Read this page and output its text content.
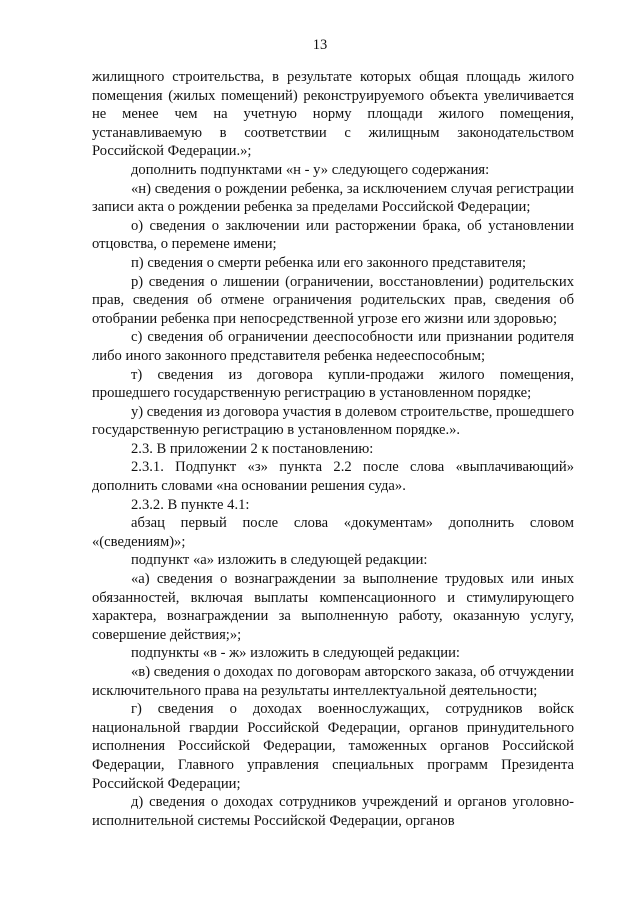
13

жилищного строительства, в результате которых общая площадь жилого помещения (жилых помещений) реконструируемого объекта увеличивается не менее чем на учетную норму площади жилого помещения, устанавливаемую в соответствии с жилищным законодательством Российской Федерации.»;

дополнить подпунктами «н - у» следующего содержания:

«н) сведения о рождении ребенка, за исключением случая регистрации записи акта о рождении ребенка за пределами Российской Федерации;

о) сведения о заключении или расторжении брака, об установлении отцовства, о перемене имени;

п) сведения о смерти ребенка или его законного представителя;

р) сведения о лишении (ограничении, восстановлении) родительских прав, сведения об отмене ограничения родительских прав, сведения об отобрании ребенка при непосредственной угрозе его жизни или здоровью;

с) сведения об ограничении дееспособности или признании родителя либо иного законного представителя ребенка недееспособным;

т) сведения из договора купли-продажи жилого помещения, прошедшего государственную регистрацию в установленном порядке;

у) сведения из договора участия в долевом строительстве, прошедшего государственную регистрацию в установленном порядке.».

2.3. В приложении 2 к постановлению:

2.3.1. Подпункт «з» пункта 2.2 после слова «выплачивающий» дополнить словами «на основании решения суда».

2.3.2. В пункте 4.1:

абзац первый после слова «документам» дополнить словом «(сведениям)»;

подпункт «а» изложить в следующей редакции:

«а) сведения о вознаграждении за выполнение трудовых или иных обязанностей, включая выплаты компенсационного и стимулирующего характера, вознаграждении за выполненную работу, оказанную услугу, совершение действия;»;

подпункты «в - ж» изложить в следующей редакции:

«в) сведения о доходах по договорам авторского заказа, об отчуждении исключительного права на результаты интеллектуальной деятельности;

г) сведения о доходах военнослужащих, сотрудников войск национальной гвардии Российской Федерации, органов принудительного исполнения Российской Федерации, таможенных органов Российской Федерации, Главного управления специальных программ Президента Российской Федерации;

д) сведения о доходах сотрудников учреждений и органов уголовно-исполнительной системы Российской Федерации, органов
